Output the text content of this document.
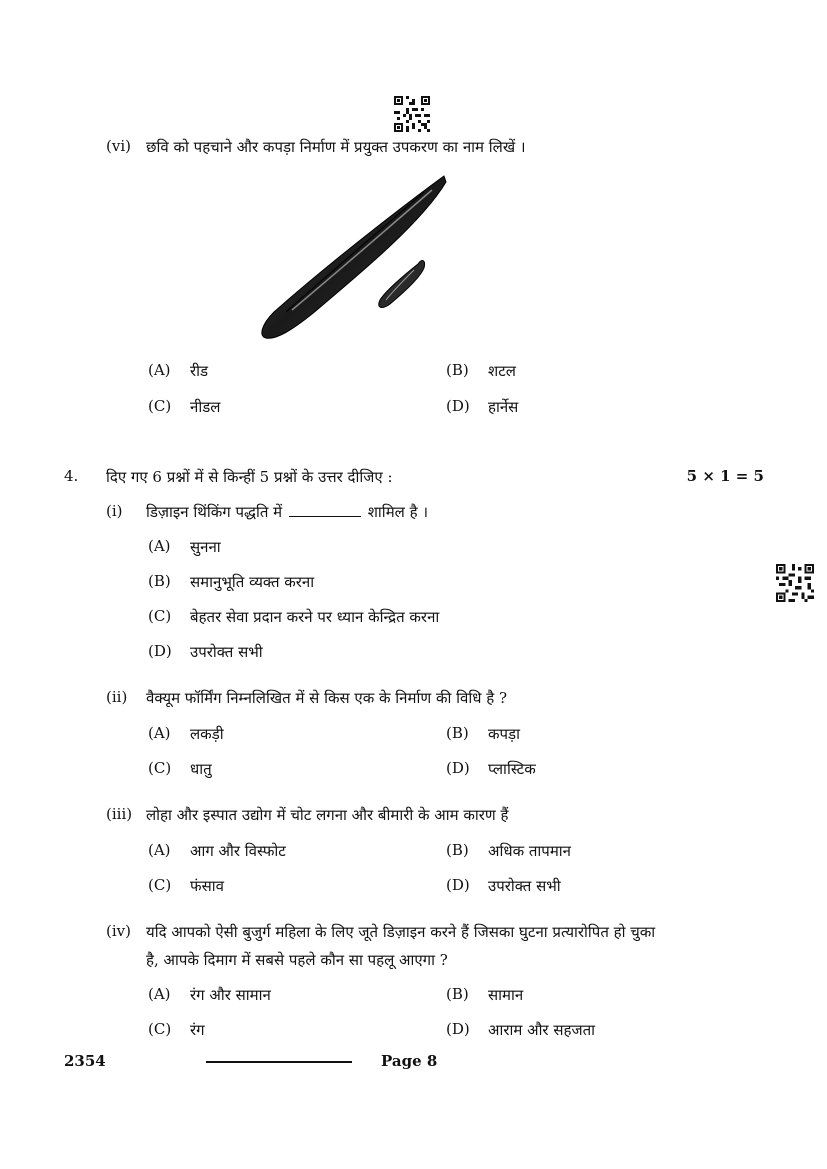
(vi) छवि को पहचाने और कपड़ा निर्माण में प्रयुक्त उपकरण का नाम लिखें ।
(A) रीड	(B) शटल
(C) नीडल	(D) हार्नेस
4. दिए गए 6 प्रश्नों में से किन्हीं 5 प्रश्नों के उत्तर दीजिए :	5 × 1 = 5
(i) डिज़ाइन थिंकिंग पद्धति में	शामिल है ।
(A) सुनना
(B) समानुभूति व्यक्त करना
(C) बेहतर सेवा प्रदान करने पर ध्यान केन्द्रित करना
(D) उपरोक्त सभी
(ii) वैक्यूम फॉर्मिंग निम्नलिखित में से किस एक के निर्माण की विधि है ?
(A) लकड़ी	(B) कपड़ा
(C) धातु	(D) प्लास्टिक
(iii) लोहा और इस्पात उद्योग में चोट लगना और बीमारी के आम कारण हैं
(A) आग और विस्फोट	(B) अधिक तापमान
(C) फंसाव	(D) उपरोक्त सभी
(iv) यदि आपको ऐसी बुजुर्ग महिला के लिए जूते डिज़ाइन करने हैं जिसका घुटना प्रत्यारोपित हो चुका
है, आपके दिमाग में सबसे पहले कौन सा पहलू आएगा ?
(A) रंग और सामान	(B) सामान
(C) रंग	(D) आराम और सहजता
2354	Page 8
